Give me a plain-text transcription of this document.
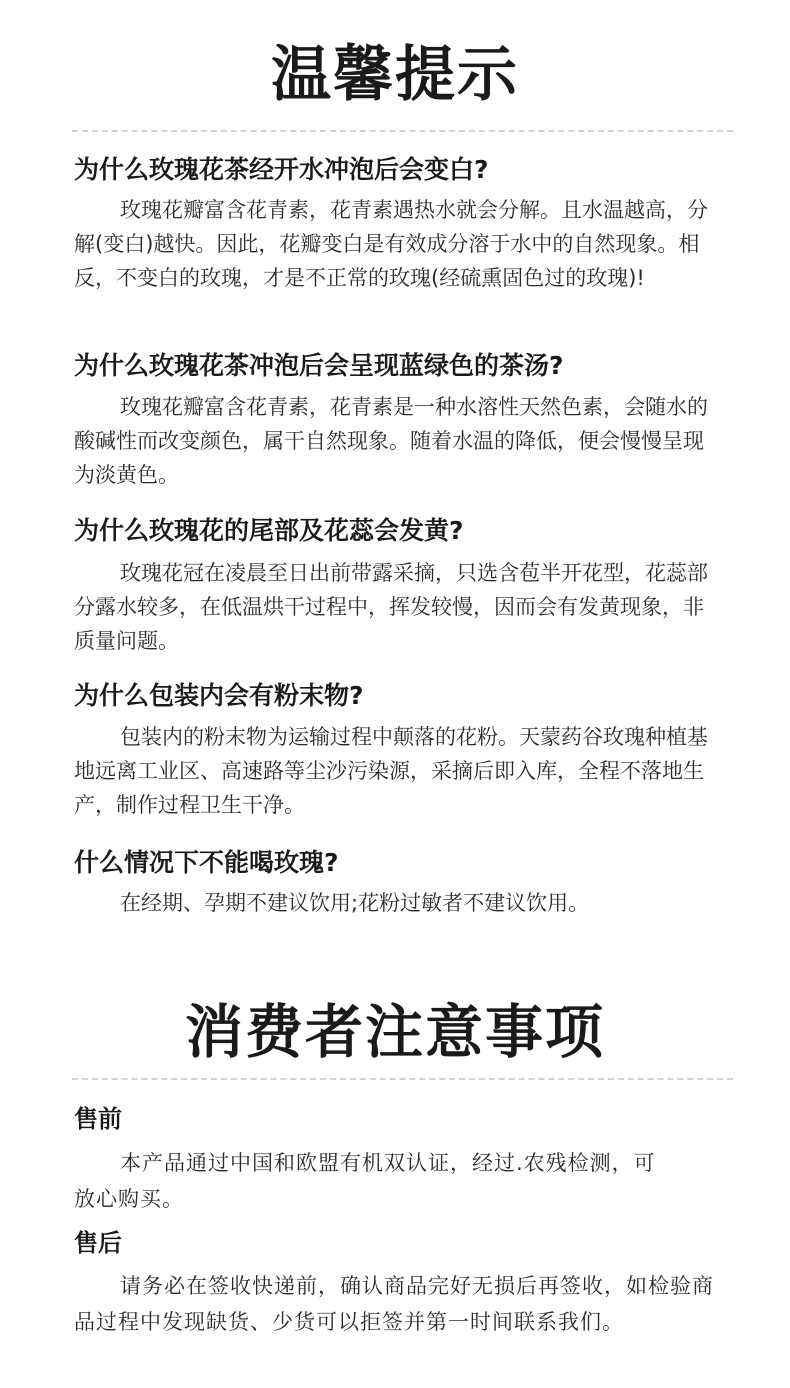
温馨提示
为什么玫瑰花茶经开水冲泡后会变白?

玫瑰花瓣富含花青素，花青素遇热水就会分解。且水温越高，分解(变白)越快。因此，花瓣变白是有效成分溶于水中的自然现象。相反，不变白的玫瑰，才是不正常的玫瑰(经硫熏固色过的玫瑰)!

为什么玫瑰花茶冲泡后会呈现蓝绿色的茶汤?

玫瑰花瓣富含花青素，花青素是一种水溶性天然色素，会随水的酸碱性而改变颜色，属干自然现象。随着水温的降低，便会慢慢呈现为淡黄色。

为什么玫瑰花的尾部及花蕊会发黄?

玫瑰花冠在凌晨至日出前带露采摘，只选含苞半开花型，花蕊部分露水较多，在低温烘干过程中，挥发较慢，因而会有发黄现象，非质量问题。

为什么包装内会有粉末物?

包装内的粉末物为运输过程中颠落的花粉。天蒙药谷玫瑰种植基地远离工业区、高速路等尘沙污染源，采摘后即入库，全程不落地生产，制作过程卫生干净。

什么情况下不能喝玫瑰?

在经期、孕期不建议饮用;花粉过敏者不建议饮用。

消费者注意事项
售前

本产品通过中国和欧盟有机双认证，经过.农残检测，可放心购买。

售后

请务必在签收快递前，确认商品完好无损后再签收，如检验商品过程中发现缺货、少货可以拒签并第一时间联系我们。
